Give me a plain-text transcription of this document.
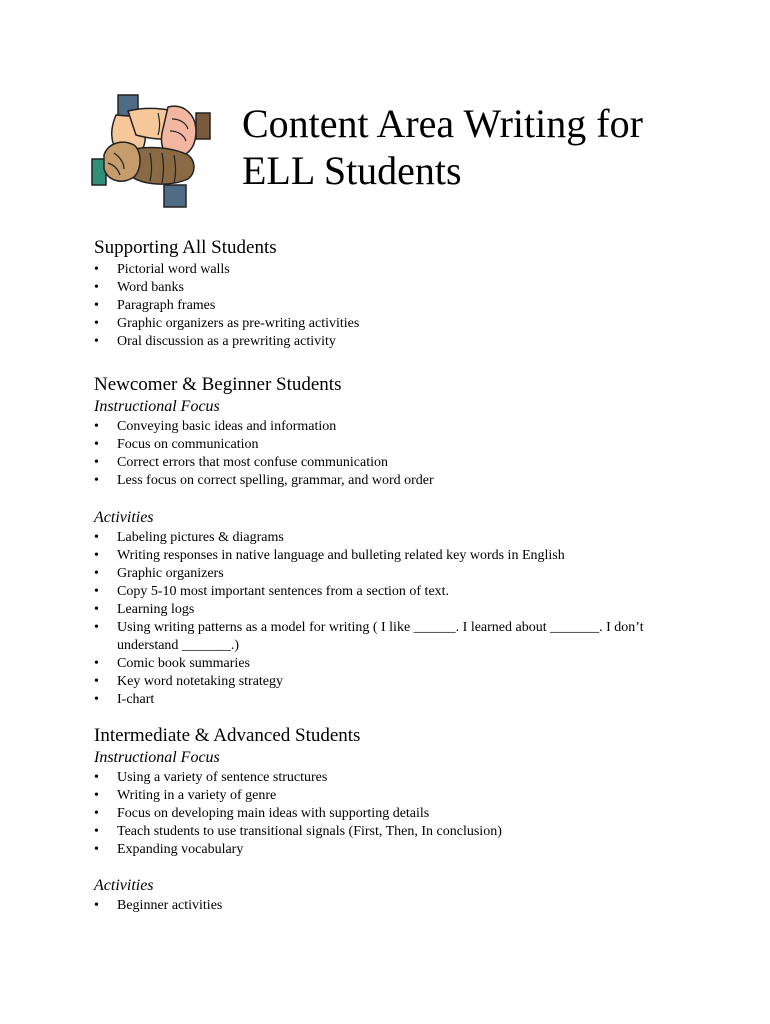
Content Area Writing for
ELL Students
Supporting All Students
• Pictorial word walls
• Word banks
• Paragraph frames
• Graphic organizers as pre-writing activities
• Oral discussion as a prewriting activity
Newcomer & Beginner Students
Instructional Focus
• Conveying basic ideas and information
• Focus on communication
• Correct errors that most confuse communication
• Less focus on correct spelling, grammar, and word order
Activities
• Labeling pictures & diagrams
• Writing responses in native language and bulleting related key words in English
• Graphic organizers
• Copy 5-10 most important sentences from a section of text.
• Learning logs
• Using writing patterns as a model for writing ( I like ______. I learned about _______. I don’t understand _______.)
• Comic book summaries
• Key word notetaking strategy
• I-chart
Intermediate & Advanced Students
Instructional Focus
• Using a variety of sentence structures
• Writing in a variety of genre
• Focus on developing main ideas with supporting details
• Teach students to use transitional signals (First, Then, In conclusion)
• Expanding vocabulary
Activities
• Beginner activities
